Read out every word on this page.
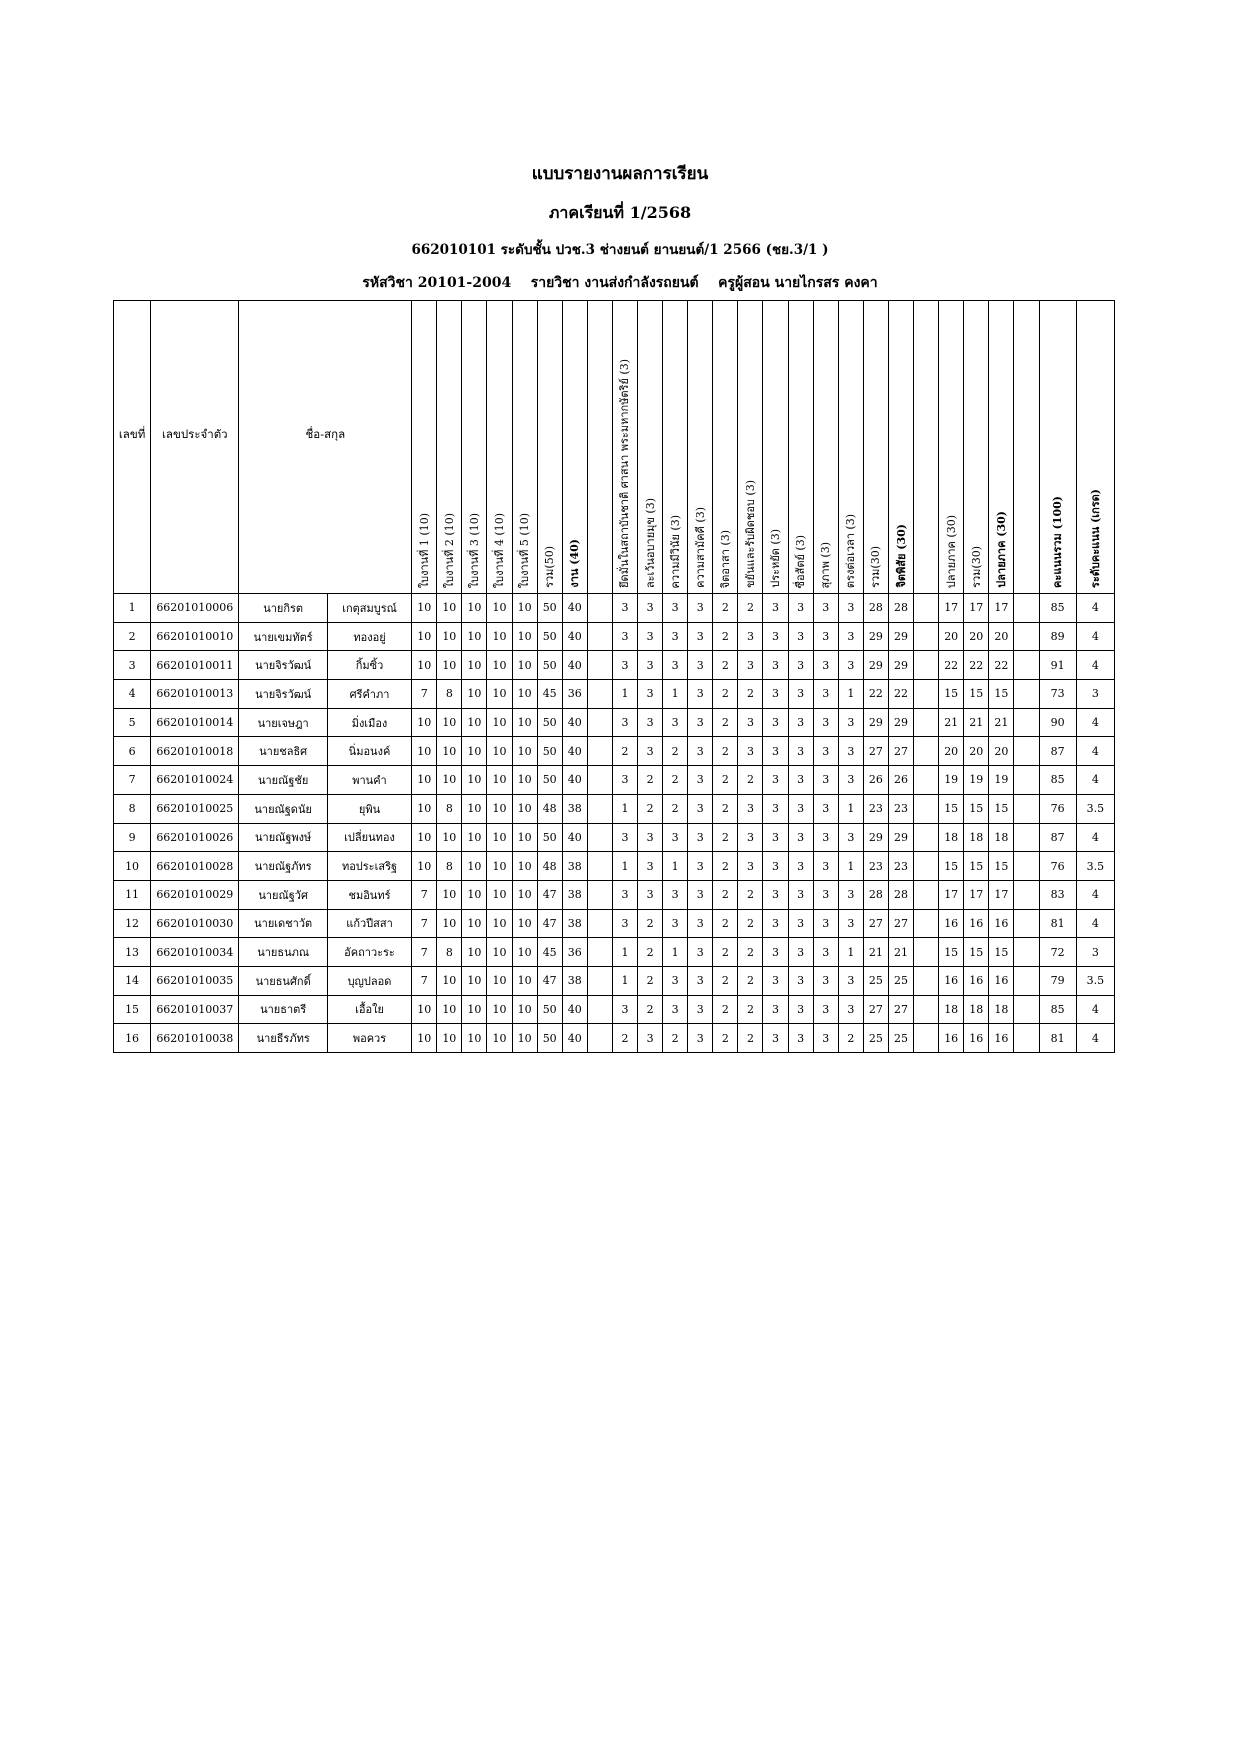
แบบรายงานผลการเรียน
ภาคเรียนที่ 1/2568
662010101 ระดับชั้น ปวช.3 ช่างยนต์ ยานยนต์/1 2566 (ชย.3/1 )
รหัสวิชา 20101-2004    รายวิชา งานส่งกำลังรถยนต์    ครูผู้สอน นายไกรสร คงคา
เลขที่	เลขประจำตัว	ชื่อ-สกุล		ใบงานที่ 1 (10)	ใบงานที่ 2 (10)	ใบงานที่ 3 (10)	ใบงานที่ 4 (10)	ใบงานที่ 5 (10)	รวม(50)	งาน (40)		ยึดมั่นในสถาบันชาติ ศาสนา พระมหากษัตริย์ (3)	ละเว้นอบายมุข (3)	ความมีวินัย (3)	ความสามัคคี (3)	จิตอาสา (3)	ขยันและรับผิดชอบ (3)	ประหยัด (3)	ซื่อสัตย์ (3)	สุภาพ (3)	ตรงต่อเวลา (3)	รวม(30)	จิตพิสัย (30)		ปลายภาค (30)	รวม(30)	ปลายภาค (30)		คะแนนรวม (100)	ระดับคะแนน (เกรด)
1	66201010006	นายกิรต	เกตุสมบูรณ์	10	10	10	10	10	50	40		3	3	3	3	2	2	3	3	3	3	28	28		17	17	17		85	4
2	66201010010	นายเขมทัตร์	ทองอยู่	10	10	10	10	10	50	40		3	3	3	3	2	3	3	3	3	3	29	29		20	20	20		89	4
3	66201010011	นายจิรวัฒน์	กิ้มซิ้ว	10	10	10	10	10	50	40		3	3	3	3	2	3	3	3	3	3	29	29		22	22	22		91	4
4	66201010013	นายจิรวัฒน์	ศรีคำภา	7	8	10	10	10	45	36		1	3	1	3	2	2	3	3	3	1	22	22		15	15	15		73	3
5	66201010014	นายเจษฎา	มิ่งเมือง	10	10	10	10	10	50	40		3	3	3	3	2	3	3	3	3	3	29	29		21	21	21		90	4
6	66201010018	นายชลธิศ	นิ่มอนงค์	10	10	10	10	10	50	40		2	3	2	3	2	3	3	3	3	3	27	27		20	20	20		87	4
7	66201010024	นายณัฐชัย	พานคำ	10	10	10	10	10	50	40		3	2	2	3	2	2	3	3	3	3	26	26		19	19	19		85	4
8	66201010025	นายณัฐดนัย	ยุพิน	10	8	10	10	10	48	38		1	2	2	3	2	3	3	3	3	1	23	23		15	15	15		76	3.5
9	66201010026	นายณัฐพงษ์	เปลี่ยนทอง	10	10	10	10	10	50	40		3	3	3	3	2	3	3	3	3	3	29	29		18	18	18		87	4
10	66201010028	นายณัฐภัทร	ทอประเสริฐ	10	8	10	10	10	48	38		1	3	1	3	2	3	3	3	3	1	23	23		15	15	15		76	3.5
11	66201010029	นายณัฐวัศ	ชมอินทร์	7	10	10	10	10	47	38		3	3	3	3	2	2	3	3	3	3	28	28		17	17	17		83	4
12	66201010030	นายเดชาวัต	แก้วปีสสา	7	10	10	10	10	47	38		3	2	3	3	2	2	3	3	3	3	27	27		16	16	16		81	4
13	66201010034	นายธนภณ	อัคถาวะระ	7	8	10	10	10	45	36		1	2	1	3	2	2	3	3	3	1	21	21		15	15	15		72	3
14	66201010035	นายธนศักดิ์	บุญปลอด	7	10	10	10	10	47	38		1	2	3	3	2	2	3	3	3	3	25	25		16	16	16		79	3.5
15	66201010037	นายธาตรี	เอื้อใย	10	10	10	10	10	50	40		3	2	3	3	2	2	3	3	3	3	27	27		18	18	18		85	4
16	66201010038	นายธีรภัทร	พอควร	10	10	10	10	10	50	40		2	3	2	3	2	2	3	3	3	2	25	25		16	16	16		81	4
